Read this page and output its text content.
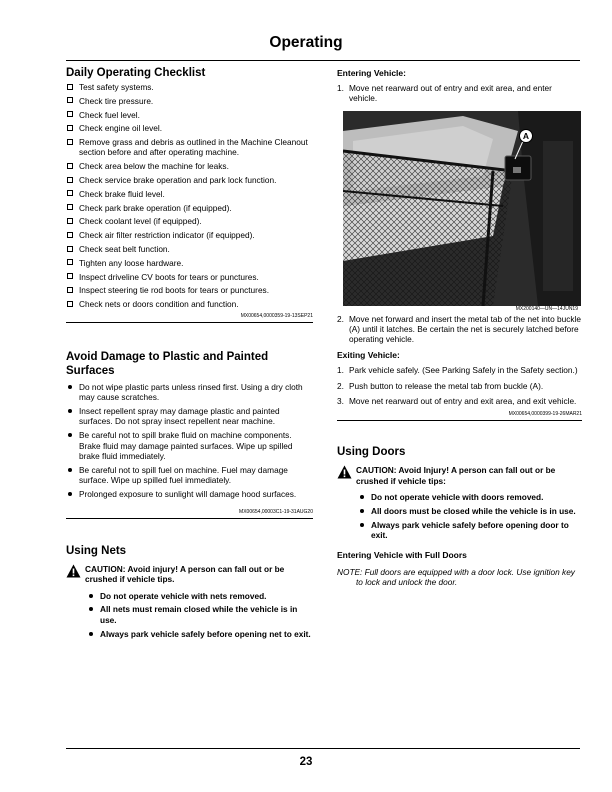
Operating
Daily Operating Checklist
Test safety systems.
Check tire pressure.
Check fuel level.
Check engine oil level.
Remove grass and debris as outlined in the Machine Cleanout section before and after operating machine.
Check area below the machine for leaks.
Check service brake operation and park lock function.
Check brake fluid level.
Check park brake operation (if equipped).
Check coolant level (if equipped).
Check air filter restriction indicator (if equipped).
Check seat belt function.
Tighten any loose hardware.
Inspect driveline CV boots for tears or punctures.
Inspect steering tie rod boots for tears or punctures.
Check nets or doors condition and function.
MX00654,0000359-19-13SEP21
Avoid Damage to Plastic and Painted Surfaces
Do not wipe plastic parts unless rinsed first. Using a dry cloth may cause scratches.
Insect repellent spray may damage plastic and painted surfaces. Do not spray insect repellent near machine.
Be careful not to spill brake fluid on machine components. Brake fluid may damage painted surfaces. Wipe up spilled brake fluid immediately.
Be careful not to spill fuel on machine. Fuel may damage surface. Wipe up spilled fuel immediately.
Prolonged exposure to sunlight will damage hood surfaces.
MX00654,00003C1-19-31AUG20
Using Nets
CAUTION: Avoid injury! A person can fall out or be crushed if vehicle tips.
Do not operate vehicle with nets removed.
All nets must remain closed while the vehicle is in use.
Always park vehicle safely before opening net to exit.
Entering Vehicle:
1. Move net rearward out of entry and exit area, and enter vehicle.
A
MX200140—UN—14JUN19
2. Move net forward and insert the metal tab of the net into buckle (A) until it latches. Be certain the net is securely latched before operating vehicle.
Exiting Vehicle:
1. Park vehicle safely. (See Parking Safely in the Safety section.)
2. Push button to release the metal tab from buckle (A).
3. Move net rearward out of entry and exit area, and exit vehicle.
MX00654,0000399-19-26MAR21
Using Doors
CAUTION: Avoid Injury! A person can fall out or be crushed if vehicle tips:
Do not operate vehicle with doors removed.
All doors must be closed while the vehicle is in use.
Always park vehicle safely before opening door to exit.
Entering Vehicle with Full Doors
NOTE: Full doors are equipped with a door lock. Use ignition key to lock and unlock the door.
23
